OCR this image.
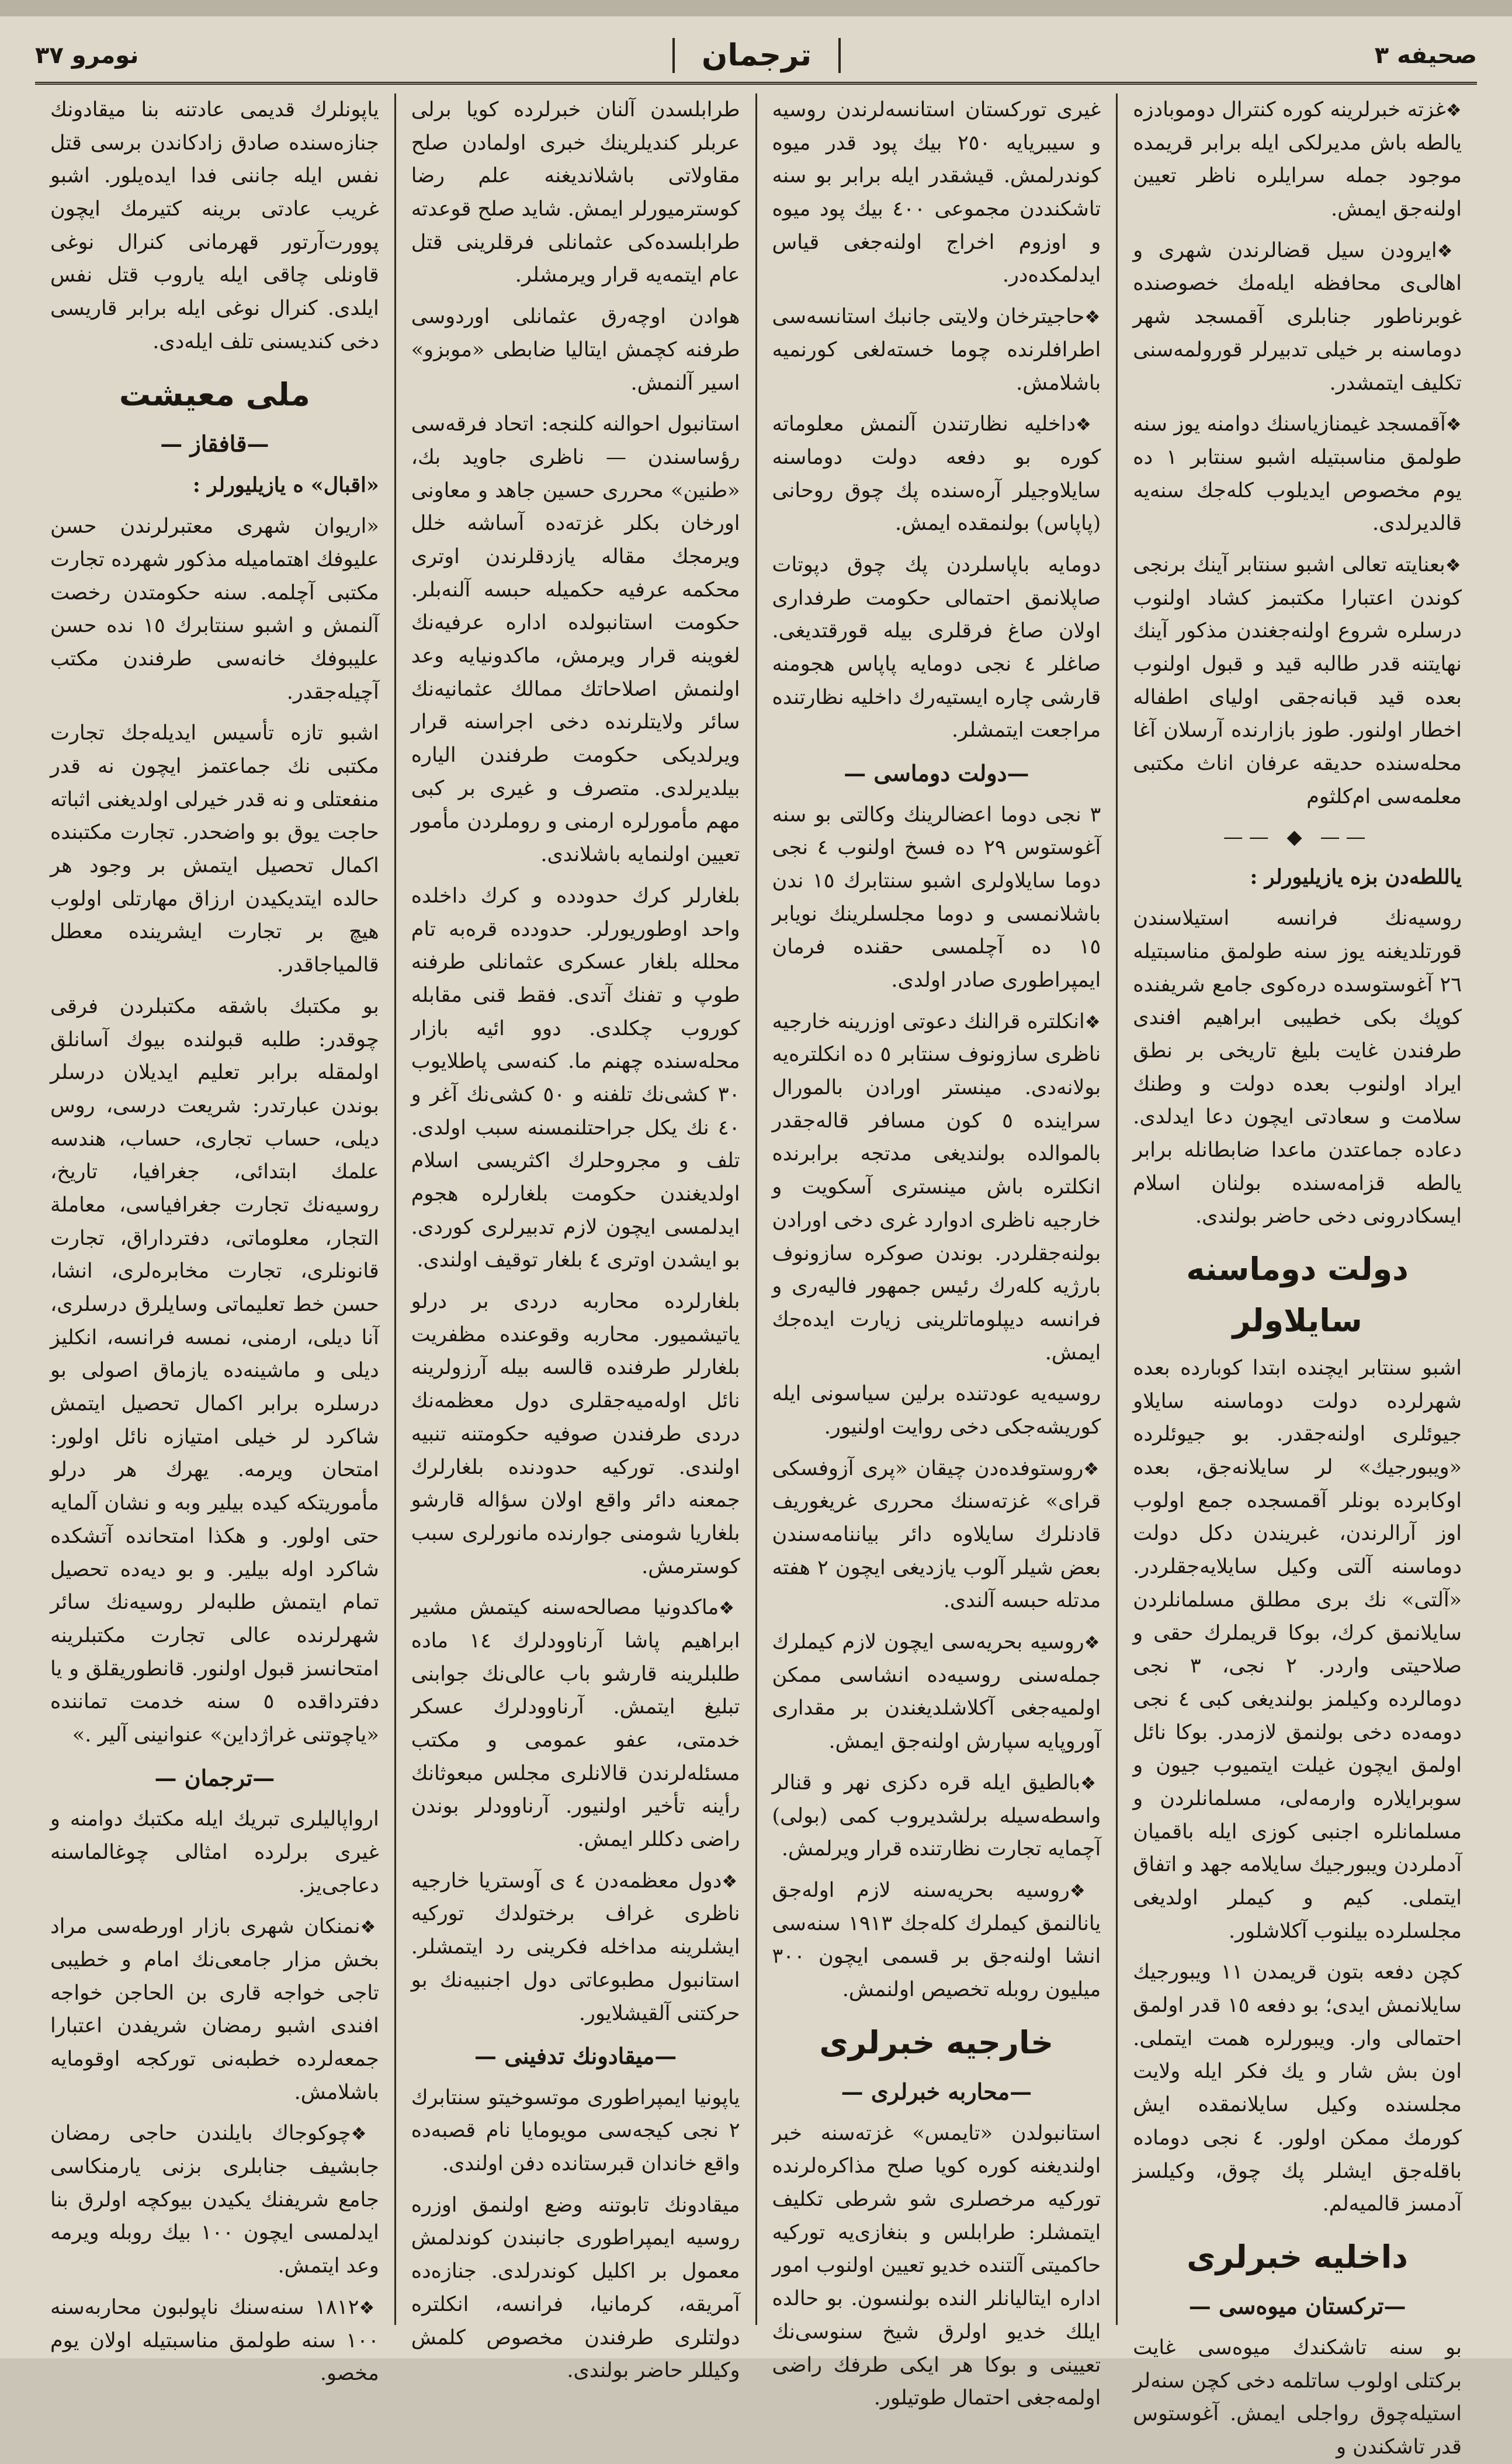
صحيفه ٣
ترجمان
نومرو ٣٧

❖ غزته خبرلرينه كوره كنترال دوموبادزه يالطه باش مديرلكى ايله برابر قريمده موجود جمله سرايلره ناظر تعيين اولنه‌جق ايمش.

❖ ايرودن سيل قضالرندن شهرى و اهالى‌ى محافظه ايله‌مك خصوصنده غوبرناطور جنابلرى آقمسجد شهر دوماسنه بر خيلى تدبيرلر قورولمه‌سنى تكليف ايتمشدر.

❖ آقمسجد غيمنازياسنك دوامنه يوز سنه طولمق مناسبتيله اشبو سنتابر ١ ده يوم مخصوص ايديلوب كله‌جك سنه‌يه قالديرلدى.

❖ بعنايته تعالى اشبو سنتابر آينك برنجى كوندن اعتبارا مكتبمز كشاد اولنوب درسلره شروع اولنه‌جغندن مذكور آينك نهايتنه قدر طالبه قيد و قبول اولنوب بعده قيد قبانه‌جقى اوليای اطفاله اخطار اولنور. طوز بازارنده آرسلان آغا محله‌سنده حديقه عرفان اناث مكتبى معلمه‌سى ام‌كلثوم

—— ◆ ——

ياللطه‌دن بزه يازيليورلر :

روسيه‌نك فرانسه استيلاسندن قورتلديغنه يوز سنه طولمق مناسبتيله ٢٦ آغوستوسده دره‌كوى جامع شريفنده كوپك بكى خطيبى ابراهيم افندى طرفندن غايت بليغ تاريخى بر نطق ايراد اولنوب بعده دولت و وطنك سلامت و سعادتى ايچون دعا ايدلدى. دعاده جماعتدن ماعدا ضابطانله برابر يالطه قزامه‌سنده بولنان اسلام ايسكادرونى دخى حاضر بولندى.

دولت دوماسنه سايلاولر

اشبو سنتابر ايچنده ابتدا كوبارده بعده شهرلرده دولت دوماسنه سايلاو جيوئلرى اولنه‌جقدر. بو جيوئلرده «ويبورجيك» لر سايلانه‌جق، بعده اوكابرده بونلر آقمسجده جمع اولوب اوز آرالرندن، غبريندن دكل دولت دوماسنه آلتى وكيل سايلايه‌جقلردر. «آلتى» نك برى مطلق مسلمانلردن سايلانمق كرك، بوكا قريملرك حقى و صلاحيتى واردر. ٢ نجى، ٣ نجى دومالرده وكيلمز بولنديغى كبى ٤ نجى دومه‌ده دخى بولنمق لازمدر. بوكا نائل اولمق ايچون غيلت ايتميوب جيون و سوبرايلاره وارمه‌لى، مسلمانلردن و مسلمانلره اجنبى كوزى ايله باقميان آدملردن ويبورجيك سايلامه جهد و اتفاق ايتملى. كيم و كيملر اولديغى مجلسلرده بيلنوب آكلاشلور.

كچن دفعه بتون قريمدن ١١ ويبورجيك سايلانمش ايدى؛ بو دفعه ١٥ قدر اولمق احتمالى وار. ويبورلره همت ايتملى. اون بش شار و يك فكر ايله ولايت مجلسنده وكيل سايلانمقده ايش كورمك ممكن اولور. ٤ نجى دوماده باقله‌جق ايشلر پك چوق، وكيلسز آدمسز قالمیه‌لم.

داخليه خبرلرى
— تركستان ميوه‌سى —

بو سنه تاشكندك ميوه‌سى غايت بركتلى اولوب ساتلمه دخى كچن سنه‌لر استيله‌چوق رواجلى ايمش. آغوستوس قدر تاشكندن و

غيرى توركستان استانسه‌لرندن روسيه و سيبريايه ٢٥٠ بيك پود قدر ميوه كوندرلمش. قيشقدر ايله برابر بو سنه تاشكنددن مجموعى ٤٠٠ بيك پود ميوه و اوزوم اخراج اولنه‌جغى قياس ايدلمكده‌در.

❖ حاجيترخان ولايتى جانبك استانسه‌سى اطرافلرنده چوما خسته‌لغى كورنميه باشلامش.

❖ داخليه نظارتندن آلنمش معلوماته كوره بو دفعه دولت دوماسنه سايلاوجيلر آره‌سنده پك چوق روحانى (پاپاس) بولنمقده ايمش.

دومايه باپاسلردن پك چوق دپوتات صاپلانمق احتمالى حكومت طرفداری اولان صاغ فرقلرى بيله قورقتديغى. صاغلر ٤ نجى دومايه پاپاس هجومنه قارشى چاره ايستيه‌رك داخليه نظارتنده مراجعت ايتمشلر.

— دولت دوماسى —

٣ نجى دوما اعضالرينك وكالتى بو سنه آغوستوس ٢٩ ده فسخ اولنوب ٤ نجى دوما سايلاولرى اشبو سنتابرك ١٥ ندن باشلانمسى و دوما مجلسلرينك نويابر ١٥ ده آچلمسى حقنده فرمان ايمپراطورى صادر اولدى.

❖ انكلتره قرالنك دعوتى اوزرينه خارجيه ناظرى سازونوف سنتابر ٥ ده انكلتره‌يه بولانه‌دى. مينستر اورادن بالمورال سراينده ٥ كون مسافر قاله‌جقدر بالموالده بولنديغى مدتجه برابرنده انكلتره باش مينسترى آسكويت و خارجيه ناظرى ادوارد غرى دخى اورادن بولنه‌جقلردر. بوندن صوكره سازونوف بارژيه كله‌رك رئيس جمهور فاليه‌رى و فرانسه ديپلوماتلرينى زيارت ايده‌جك ايمش.

روسيه‌يه عودتنده برلين سياسونى ايله كوريشه‌جكى دخى روايت اولنيور.

❖ روستوفده‌دن چيقان «پرى آزوفسكى قراى» غزته‌سنك محررى غريغوريف قادنلرك سايلاوه دائر بياننامه‌سندن بعض شيلر آلوب يازديغى ايچون ٢ هفته مدتله حبسه آلندى.

❖ روسيه بحريه‌سى ايچون لازم كيملرك جمله‌سنى روسيه‌ده انشاسى ممكن اولميه‌جغى آكلاشلديغندن بر مقدارى آوروپايه سپارش اولنه‌جق ايمش.

❖ بالطيق ايله قره دكزى نهر و قنالر واسطه‌سيله برلشديروب كمى (بولى) آچمايه تجارت نظارتنده قرار ويرلمش.

❖ روسيه بحريه‌سنه لازم اوله‌جق يانالنمق كيملرك كله‌جك ١٩١٣ سنه‌سى انشا اولنه‌جق بر قسمى ايچون ٣٠٠ ميليون روبله تخصيص اولنمش.

خارجيه خبرلرى
— محاربه خبرلرى —

استانبولدن «تايمس» غزته‌سنه خبر اولنديغنه كوره كويا صلح مذاكره‌لرنده توركيه مرخصلرى شو شرطى تكليف ايتمشلر: طرابلس و بنغازى‌يه توركيه حاكميتى آلتنده خديو تعيين اولنوب امور اداره ايتاليانلر النده بولنسون. بو حالده ايلك خديو اولرق شيخ سنوسى‌نك تعيينى و بوكا هر ايكى طرفك راضى اولمه‌جغى احتمال طوتيلور.

طرابلسدن آلنان خبرلرده كويا برلى عربلر كنديلرينك خبرى اولمادن صلح مقاولاتى باشلانديغنه علم رضا كوسترميورلر ايمش. شايد صلح قوعدته طرابلسده‌كى عثمانلى فرقلرينى قتل عام ايتمه‌يه قرار ويرمشلر.

هوادن اوچه‌رق عثمانلى اوردوسى طرفنه كچمش ايتاليا ضابطى «موبزو» اسير آلنمش.

استانبول احوالنه كلنجه: اتحاد فرقه‌سى رؤساسندن — ناظرى جاويد بك، «طنين» محررى حسين جاهد و معاونى اورخان بكلر غزته‌ده آساشه خلل ويرمجك مقاله يازدقلرندن اوترى محكمه عرفيه حكميله حبسه آلنه‌بلر. حكومت استانبولده اداره عرفيه‌نك لغوينه قرار ويرمش، ماكدونيايه وعد اولنمش اصلاحاتك ممالك عثمانيه‌نك سائر ولايتلرنده دخى اجراسنه قرار ويرلديكى حكومت طرفندن الياره بيلديرلدى. متصرف و غيرى بر كبى مهم مأمورلره ارمنى و روملردن مأمور تعيين اولنمايه باشلاندى.

بلغارلر كرك حدودده و كرك داخلده واحد اوطوريورلر. حدودده قره‌به تام محلله بلغار عسكرى عثمانلى طرفنه طوپ و تفنك آتدى. فقط قنى مقابله كوروب چكلدى. دوو ائيه بازار محله‌سنده چهنم ما. كنه‌سى پاطلايوب ٣٠ كشى‌نك تلفنه و ٥٠ كشى‌نك آغر و ٤٠ نك يكل جراحتلنمسنه سبب اولدى. تلف و مجروحلرك اكثريسى اسلام اولديغندن حكومت بلغارلره هجوم ايدلمسى ايچون لازم تدبيرلرى كوردى. بو ايشدن اوترى ٤ بلغار توقيف اولندى.

بلغارلرده محاربه دردى بر درلو ياتيشميور. محاربه وقوعنده مظفريت بلغارلر طرفنده قالسه بيله آرزولرينه نائل اوله‌ميه‌جقلرى دول معظمه‌نك دردى طرفندن صوفيه حكومتنه تنبيه اولندى. توركيه حدودنده بلغارلرك جمعنه دائر واقع اولان سؤاله قارشو بلغاريا شومنى جوارنده مانورلرى سبب كوسترمش.

❖ ماكدونيا مصالحه‌سنه كيتمش مشير ابراهيم پاشا آرناوودلرك ١٤ ماده طلبلرينه قارشو باب عالى‌نك جوابنى تبليغ ايتمش. آرناوودلرك عسكر خدمتى، عفو عمومى و مكتب مسئله‌لرندن قالانلرى مجلس مبعوثانك رأينه تأخير اولنيور. آرناوودلر بوندن راضى دكللر ايمش.

❖ دول معظمه‌دن ٤ ى آوستريا خارجيه ناظرى غراف برختولدك توركيه ايشلرينه مداخله فكرينى رد ايتمشلر. استانبول مطبوعاتى دول اجنبيه‌نك بو حركتنى آلقيشلايور.

— ميقادونك تدفينى —

ياپونيا ايمپراطورى موتسوخيتو سنتابرك ٢ نجى كيجه‌سى مويومايا نام قصبه‌ده واقع خاندان قبرستانده دفن اولندى.

ميقادونك تابوتنه وضع اولنمق اوزره روسيه ايمپراطورى جانبندن كوندلمش معمول بر اكليل كوندرلدى. جنازه‌ده آمريقه، كرمانيا، فرانسه، انكلتره دولتلرى طرفندن مخصوص كلمش وكيللر حاضر بولندى.

ياپونلرك قديمى عادتنه بنا ميقادونك جنازه‌سنده صادق زادكاندن برسى قتل نفس ايله جاننى فدا ايده‌يلور. اشبو غريب عادتى برينه كتيرمك ايچون پوورت‌آرتور قهرمانى كنرال نوغى قاونلى چاقى ايله ياروب قتل نفس ايلدى. كنرال نوغى ايله برابر قاريسى دخى كنديسنى تلف ايله‌دى.

ملى معيشت
— قافقاز —

«اقبال» ه يازيليورلر :

«اريوان شهرى معتبرلرندن حسن عليوفك اهتماميله مذكور شهرده تجارت مكتبى آچلمه. سنه حكومتدن رخصت آلنمش و اشبو سنتابرك ١٥ نده حسن عليبوفك خانه‌سى طرفندن مكتب آچيله‌جقدر.

اشبو تازه تأسيس ايديله‌جك تجارت مكتبى نك جماعتمز ايچون نه قدر منفعتلى و نه قدر خيرلى اولديغنى اثباته حاجت يوق بو واضحدر. تجارت مكتبنده اكمال تحصيل ايتمش بر وجود هر حالده ايتديكيدن ارزاق مهارتلى اولوب هيچ بر تجارت ايشرينده معطل قالمياجاقدر.

بو مكتبك باشقه مكتبلردن فرقى چوقدر: طلبه قبولنده بيوك آسانلق اولمقله برابر تعليم ايديلان درسلر بوندن عبارتدر: شريعت درسى، روس ديلى، حساب تجارى، حساب، هندسه علمك ابتدائى، جغرافيا، تاريخ، روسيه‌نك تجارت جغرافياسى، معاملة التجار، معلوماتى، دفترداراق، تجارت قانونلرى، تجارت مخابره‌لرى، انشا، حسن خط تعليماتى وسايلرق درسلرى، آنا ديلى، ارمنى، نمسه فرانسه، انكليز ديلى و ماشينه‌ده يازماق اصولى بو درسلره برابر اكمال تحصيل ايتمش شاكرد لر خيلى امتيازه نائل اولور: امتحان ويرمه. يهرك هر درلو مأموريتكه كيده بيلير وبه و نشان آلمايه حتى اولور. و هكذا امتحانده آتشكده شاكرد اوله بيلير. و بو ديه‌ده تحصيل تمام ايتمش طلبه‌لر روسيه‌نك سائر شهرلرنده عالى تجارت مكتبلرينه امتحانسز قبول اولنور. قانطوريقلق و يا دفترداقده ٥ سنه خدمت تماننده «ياچوتنى غراژداين» عنوانينى آلير .»

— ترجمان —

ارواپاليلرى تبريك ايله مكتبك دوامنه و غيرى برلرده امثالى چوغالماسنه دعاجى‌يز.

❖ نمنكان شهرى بازار اورطه‌سى مراد بخش مزار جامعى‌نك امام و خطيبى تاجى خواجه قارى بن الحاجن خواجه افندى اشبو رمضان شريفدن اعتبارا جمعه‌لرده خطبه‌نى توركجه اوقومايه باشلامش.

❖ چوكوجاك بايلندن حاجى رمضان جابشيف جنابلرى بزنى يارمنكاسى جامع شريفنك يكيدن بيوكچه اولرق بنا ايدلمسى ايچون ١٠٠ بيك روبله ويرمه وعد ايتمش.

❖ ١٨١٢ سنه‌سنك ناپولبون محاربه‌سنه ١٠٠ سنه طولمق مناسبتيله اولان يوم مخصو.
